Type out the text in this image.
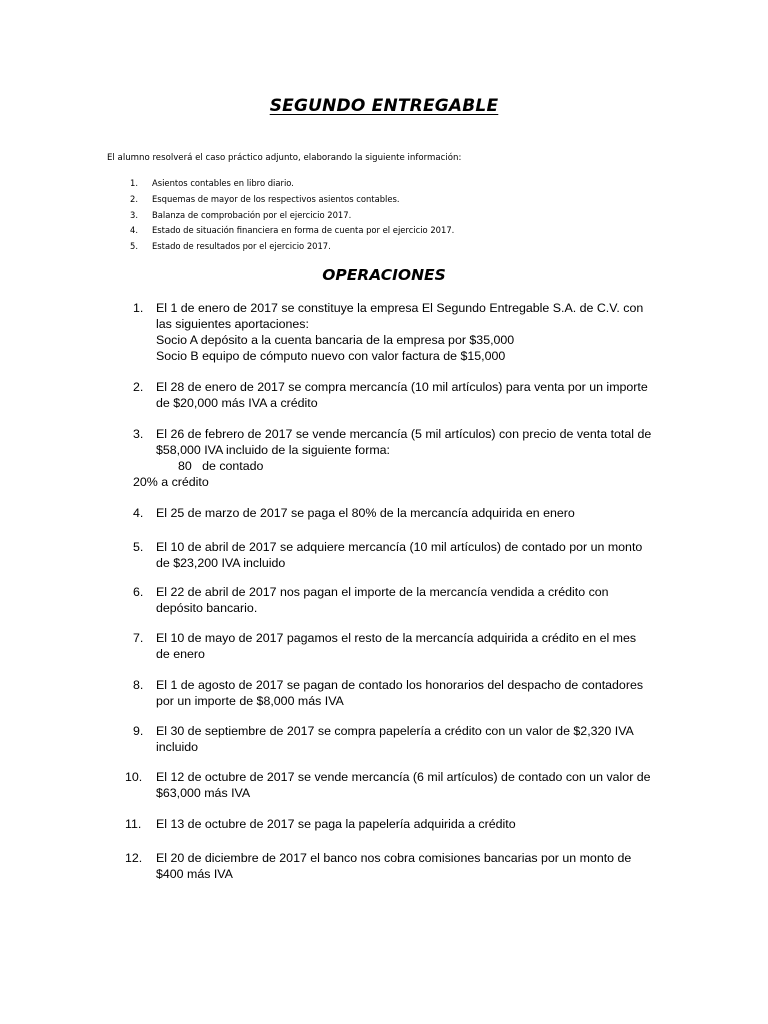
SEGUNDO ENTREGABLE
El alumno resolverá el caso práctico adjunto, elaborando la siguiente información:
1.	Asientos contables en libro diario.
2.	Esquemas de mayor de los respectivos asientos contables.
3.	Balanza de comprobación por el ejercicio 2017.
4.	Estado de situación financiera en forma de cuenta por el ejercicio 2017.
5.	Estado de resultados por el ejercicio 2017.
OPERACIONES
1.	El 1 de enero de 2017 se constituye la empresa El Segundo Entregable S.A. de C.V. con
las siguientes aportaciones:
Socio A depósito a la cuenta bancaria de la empresa por $35,000
Socio B equipo de cómputo nuevo con valor factura de $15,000
2.	El 28 de enero de 2017 se compra mercancía (10 mil artículos) para venta por un importe
de $20,000 más IVA a crédito
3.	El 26 de febrero de 2017 se vende mercancía (5 mil artículos) con precio de venta total de
$58,000 IVA incluido de la siguiente forma:
80   de contado
20% a crédito
4.	El 25 de marzo de 2017 se paga el 80% de la mercancía adquirida en enero
5.	El 10 de abril de 2017 se adquiere mercancía (10 mil artículos) de contado por un monto
de $23,200 IVA incluido
6.	El 22 de abril de 2017 nos pagan el importe de la mercancía vendida a crédito con
depósito bancario.
7.	El 10 de mayo de 2017 pagamos el resto de la mercancía adquirida a crédito en el mes
de enero
8.	El 1 de agosto de 2017 se pagan de contado los honorarios del despacho de contadores
por un importe de $8,000 más IVA
9.	El 30 de septiembre de 2017 se compra papelería a crédito con un valor de $2,320 IVA
incluido
10.	El 12 de octubre de 2017 se vende mercancía (6 mil artículos) de contado con un valor de
$63,000 más IVA
11.	El 13 de octubre de 2017 se paga la papelería adquirida a crédito
12.	El 20 de diciembre de 2017 el banco nos cobra comisiones bancarias por un monto de
$400 más IVA
